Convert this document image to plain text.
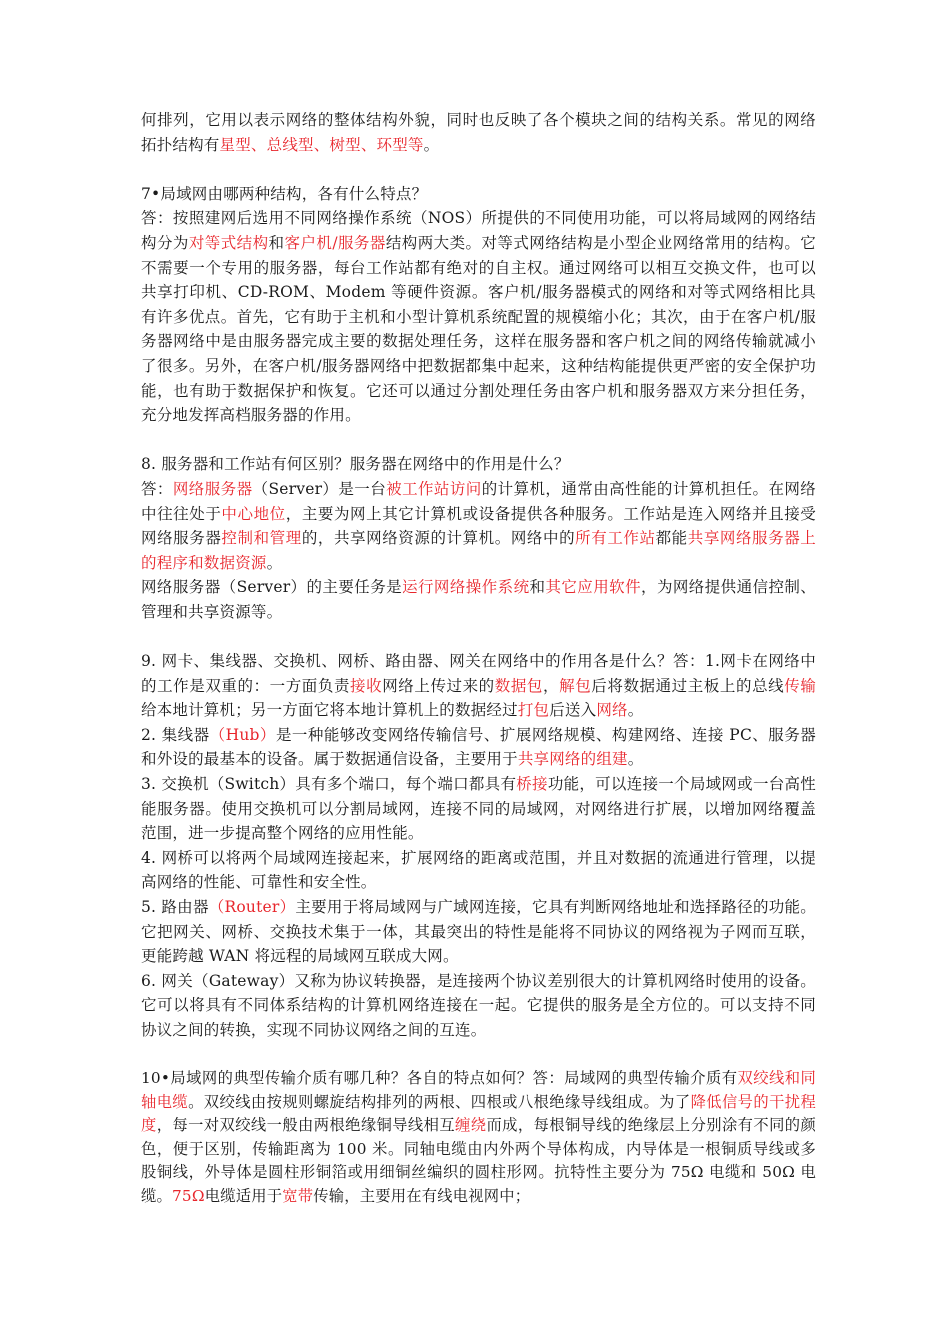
何排列，它用以表示网络的整体结构外貌，同时也反映了各个模块之间的结构关系。常见的网络拓扑结构有星型、总线型、树型、环型等。

7•局域网由哪两种结构，各有什么特点？

答：按照建网后选用不同网络操作系统（NOS）所提供的不同使用功能，可以将局域网的网络结构分为对等式结构和客户机/服务器结构两大类。对等式网络结构是小型企业网络常用的结构。它不需要一个专用的服务器，每台工作站都有绝对的自主权。通过网络可以相互交换文件，也可以共享打印机、CD-ROM、Modem 等硬件资源。客户机/服务器模式的网络和对等式网络相比具有许多优点。首先，它有助于主机和小型计算机系统配置的规模缩小化；其次，由于在客户机/服务器网络中是由服务器完成主要的数据处理任务，这样在服务器和客户机之间的网络传输就减小了很多。另外，在客户机/服务器网络中把数据都集中起来，这种结构能提供更严密的安全保护功能，也有助于数据保护和恢复。它还可以通过分割处理任务由客户机和服务器双方来分担任务，充分地发挥高档服务器的作用。

8. 服务器和工作站有何区别？服务器在网络中的作用是什么？

答：网络服务器（Server）是一台被工作站访问的计算机，通常由高性能的计算机担任。在网络中往往处于中心地位，主要为网上其它计算机或设备提供各种服务。工作站是连入网络并且接受网络服务器控制和管理的，共享网络资源的计算机。网络中的所有工作站都能共享网络服务器上的程序和数据资源。

网络服务器（Server）的主要任务是运行网络操作系统和其它应用软件，为网络提供通信控制、管理和共享资源等。

9. 网卡、集线器、交换机、网桥、路由器、网关在网络中的作用各是什么？答：1.网卡在网络中的工作是双重的：一方面负责接收网络上传过来的数据包，解包后将数据通过主板上的总线传输给本地计算机；另一方面它将本地计算机上的数据经过打包后送入网络。

2. 集线器（Hub）是一种能够改变网络传输信号、扩展网络规模、构建网络、连接 PC、服务器和外设的最基本的设备。属于数据通信设备，主要用于共享网络的组建。

3. 交换机（Switch）具有多个端口，每个端口都具有桥接功能，可以连接一个局域网或一台高性能服务器。使用交换机可以分割局域网，连接不同的局域网，对网络进行扩展，以增加网络覆盖范围，进一步提高整个网络的应用性能。

4. 网桥可以将两个局域网连接起来，扩展网络的距离或范围，并且对数据的流通进行管理，以提高网络的性能、可靠性和安全性。

5. 路由器（Router）主要用于将局域网与广域网连接，它具有判断网络地址和选择路径的功能。它把网关、网桥、交换技术集于一体，其最突出的特性是能将不同协议的网络视为子网而互联，更能跨越 WAN 将远程的局域网互联成大网。

6. 网关（Gateway）又称为协议转换器，是连接两个协议差别很大的计算机网络时使用的设备。它可以将具有不同体系结构的计算机网络连接在一起。它提供的服务是全方位的。可以支持不同协议之间的转换，实现不同协议网络之间的互连。

10•局域网的典型传输介质有哪几种？各自的特点如何？答：局域网的典型传输介质有双绞线和同轴电缆。双绞线由按规则螺旋结构排列的两根、四根或八根绝缘导线组成。为了降低信号的干扰程度，每一对双绞线一般由两根绝缘铜导线相互缠绕而成，每根铜导线的绝缘层上分别涂有不同的颜色，便于区别，传输距离为 100 米。同轴电缆由内外两个导体构成，内导体是一根铜质导线或多股铜线，外导体是圆柱形铜箔或用细铜丝编织的圆柱形网。抗特性主要分为 75Ω 电缆和 50Ω 电缆。75Ω电缆适用于宽带传输，主要用在有线电视网中；
